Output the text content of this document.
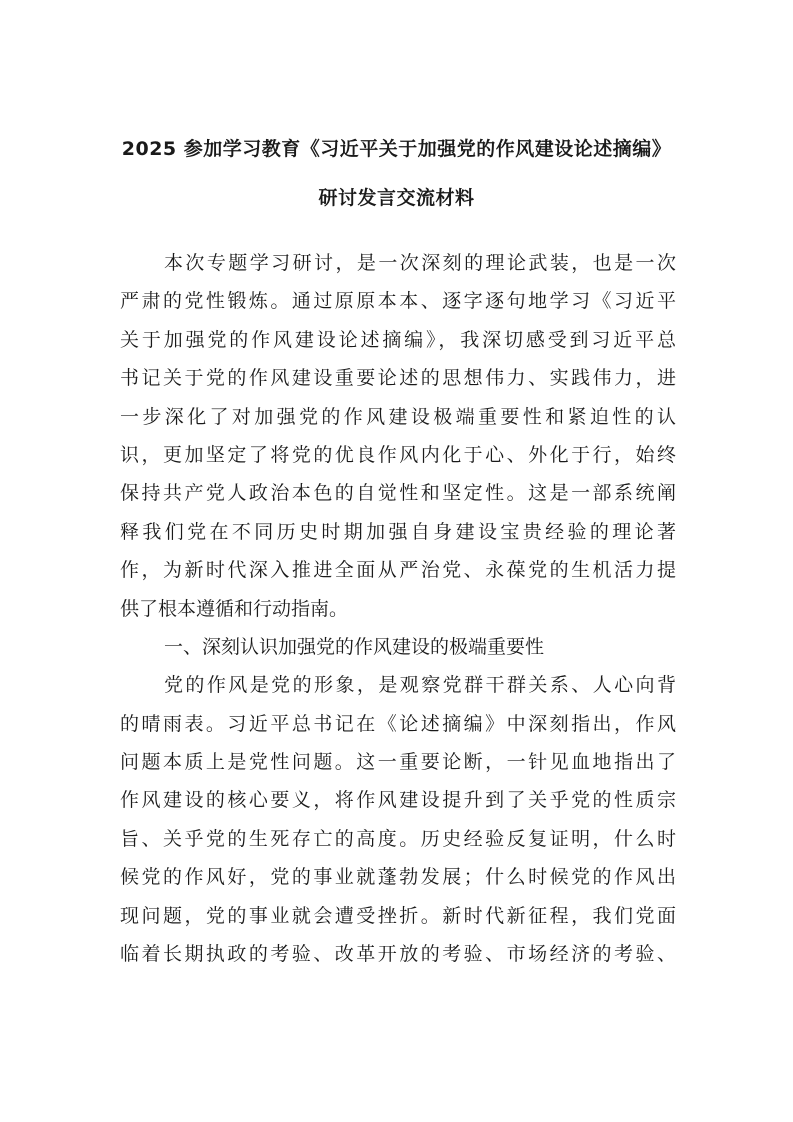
2025 参加学习教育《习近平关于加强党的作风建设论述摘编》
研讨发言交流材料
本次专题学习研讨，是一次深刻的理论武装，也是一次
严肃的党性锻炼。通过原原本本、逐字逐句地学习《习近平
关于加强党的作风建设论述摘编》，我深切感受到习近平总
书记关于党的作风建设重要论述的思想伟力、实践伟力，进
一步深化了对加强党的作风建设极端重要性和紧迫性的认
识，更加坚定了将党的优良作风内化于心、外化于行，始终
保持共产党人政治本色的自觉性和坚定性。这是一部系统阐
释我们党在不同历史时期加强自身建设宝贵经验的理论著
作，为新时代深入推进全面从严治党、永葆党的生机活力提
供了根本遵循和行动指南。
一、深刻认识加强党的作风建设的极端重要性
党的作风是党的形象，是观察党群干群关系、人心向背
的晴雨表。习近平总书记在《论述摘编》中深刻指出，作风
问题本质上是党性问题。这一重要论断，一针见血地指出了
作风建设的核心要义，将作风建设提升到了关乎党的性质宗
旨、关乎党的生死存亡的高度。历史经验反复证明，什么时
候党的作风好，党的事业就蓬勃发展；什么时候党的作风出
现问题，党的事业就会遭受挫折。新时代新征程，我们党面
临着长期执政的考验、改革开放的考验、市场经济的考验、
